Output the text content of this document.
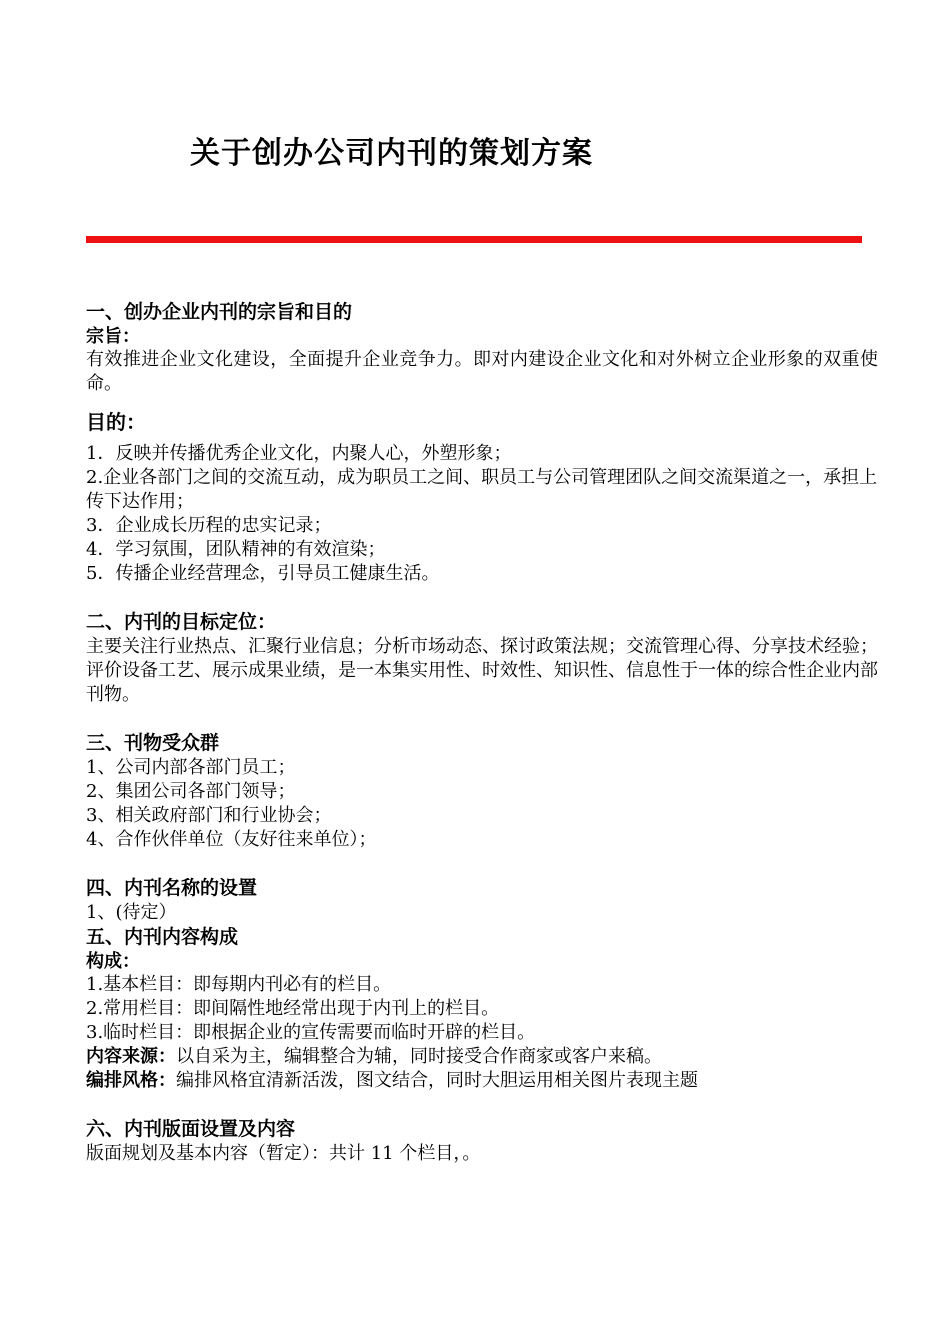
关于创办公司内刊的策划方案

一、创办企业内刊的宗旨和目的

宗旨：

有效推进企业文化建设，全面提升企业竞争力。即对内建设企业文化和对外树立企业形象的双重使命。

目的：

1．反映并传播优秀企业文化，内聚人心，外塑形象；

2.企业各部门之间的交流互动，成为职员工之间、职员工与公司管理团队之间交流渠道之一，承担上传下达作用；

3．企业成长历程的忠实记录；

4．学习氛围，团队精神的有效渲染；

5．传播企业经营理念，引导员工健康生活。

二、内刊的目标定位：

主要关注行业热点、汇聚行业信息；分析市场动态、探讨政策法规；交流管理心得、分享技术经验；评价设备工艺、展示成果业绩，是一本集实用性、时效性、知识性、信息性于一体的综合性企业内部刊物。

三、刊物受众群

1、公司内部各部门员工；

2、集团公司各部门领导；

3、相关政府部门和行业协会；

4、合作伙伴单位（友好往来单位）；

四、内刊名称的设置

1、(待定）

五、内刊内容构成

构成：

1.基本栏目：即每期内刊必有的栏目。

2.常用栏目：即间隔性地经常出现于内刊上的栏目。

3.临时栏目：即根据企业的宣传需要而临时开辟的栏目。

内容来源：以自采为主，编辑整合为辅，同时接受合作商家或客户来稿。

编排风格：编排风格宜清新活泼，图文结合，同时大胆运用相关图片表现主题

六、内刊版面设置及内容

版面规划及基本内容（暂定）：共计 11 个栏目，。
